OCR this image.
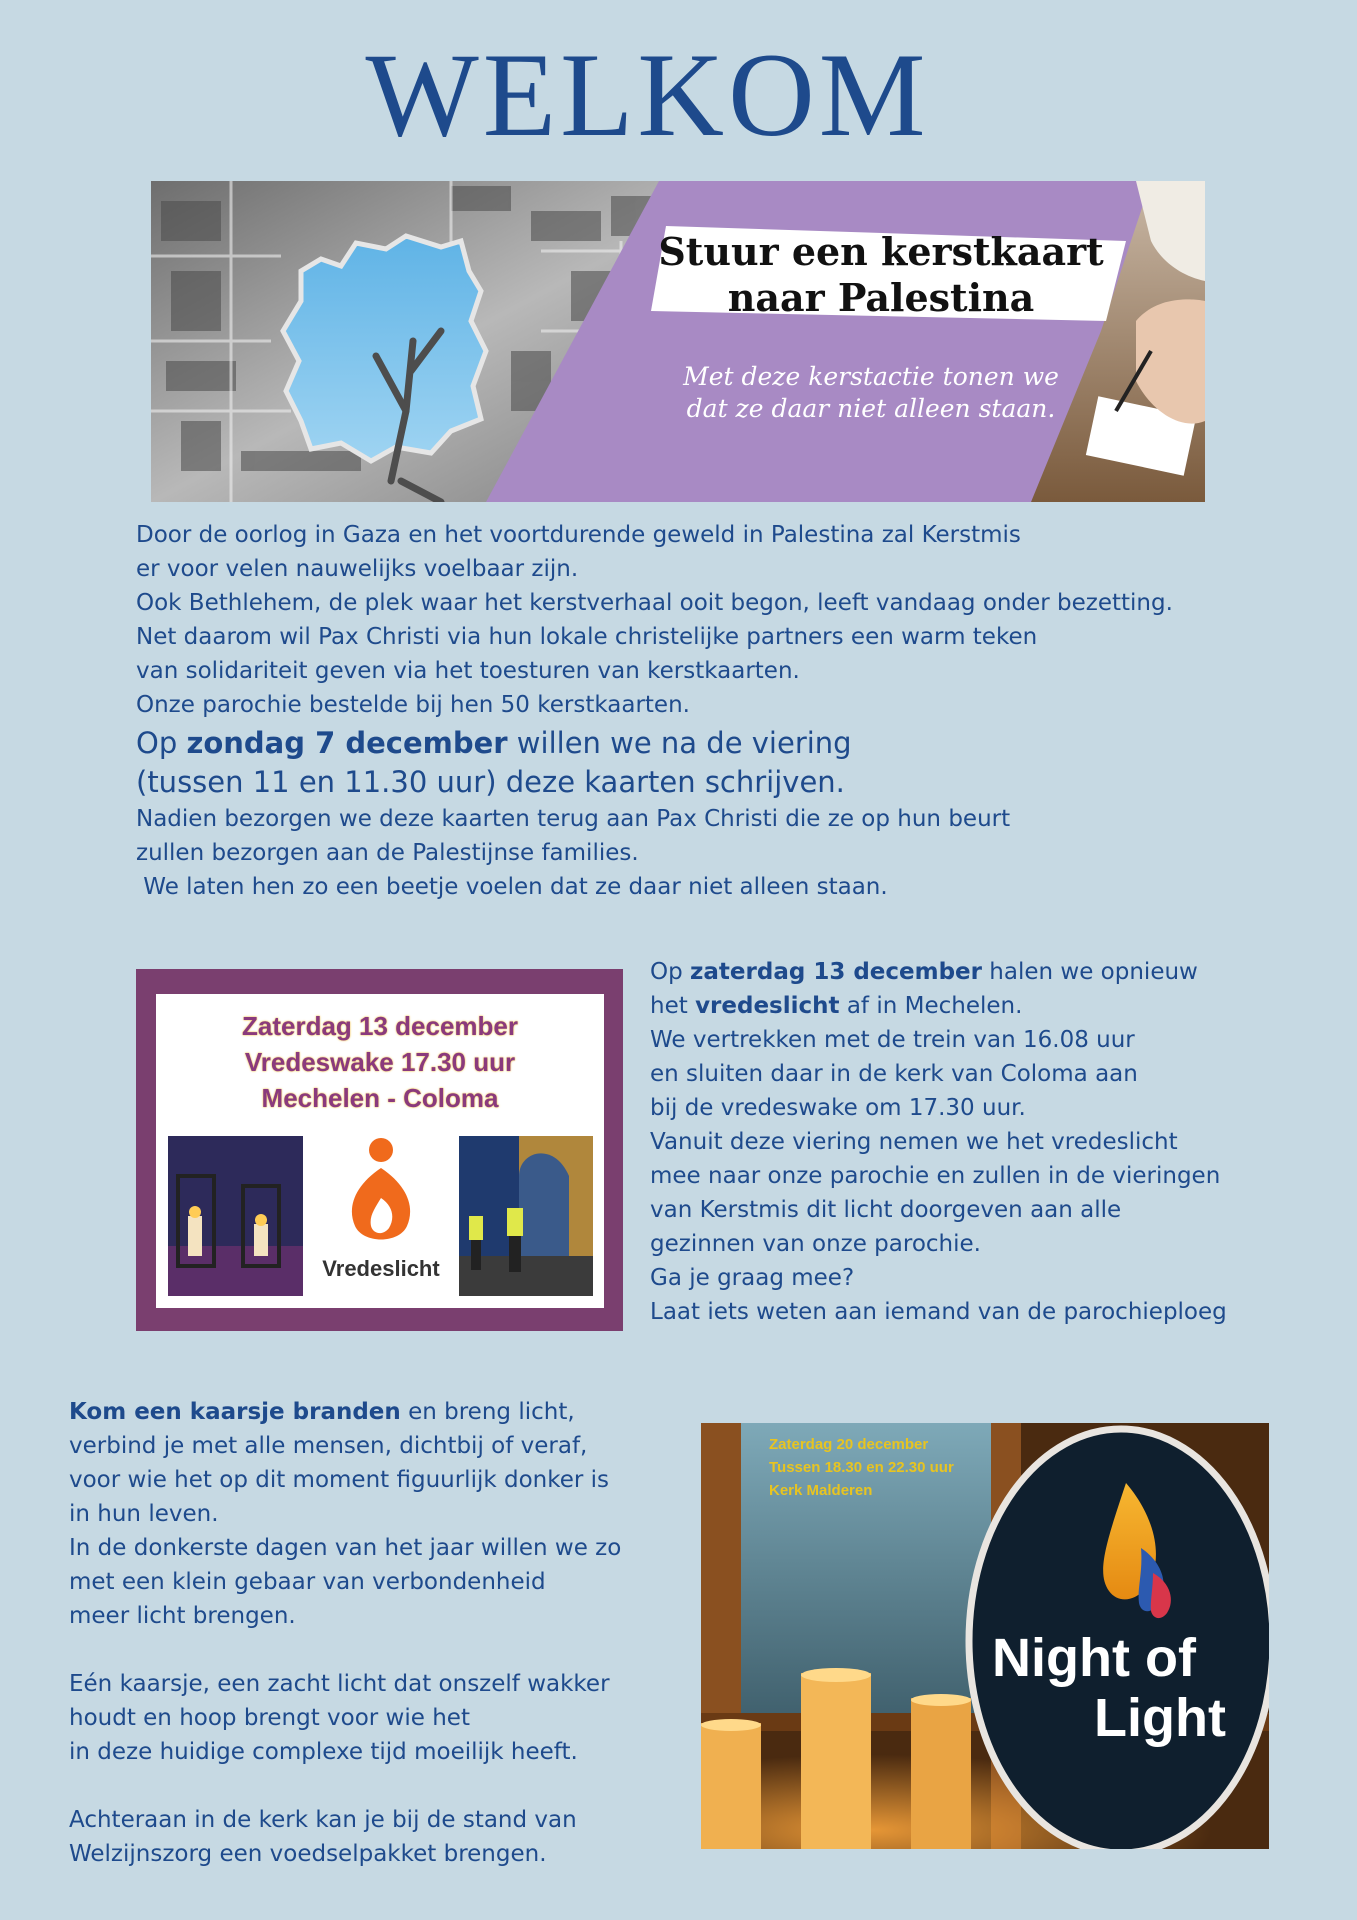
WELKOM
Stuur een kerstkaart
naar Palestina
Met deze kerstactie tonen we
dat ze daar niet alleen staan.

Door de oorlog in Gaza en het voortdurende geweld in Palestina zal Kerstmis

er voor velen nauwelijks voelbaar zijn.

Ook Bethlehem, de plek waar het kerstverhaal ooit begon, leeft vandaag onder bezetting.

Net daarom wil Pax Christi via hun lokale christelijke partners een warm teken

van solidariteit geven via het toesturen van kerstkaarten.

Onze parochie bestelde bij hen 50 kerstkaarten.

Op zondag 7 december willen we na de viering

(tussen 11 en 11.30 uur) deze kaarten schrijven.

Nadien bezorgen we deze kaarten terug aan Pax Christi die ze op hun beurt

zullen bezorgen aan de Palestijnse families.

We laten hen zo een beetje voelen dat ze daar niet alleen staan.

Zaterdag 13 december
Vredeswake 17.30 uur
Mechelen - Coloma
Vredeslicht

Op zaterdag 13 december halen we opnieuw

het vredeslicht af in Mechelen.

We vertrekken met de trein van 16.08 uur

en sluiten daar in de kerk van Coloma aan

bij de vredeswake om 17.30 uur.

Vanuit deze viering nemen we het vredeslicht

mee naar onze parochie en zullen in de vieringen

van Kerstmis dit licht doorgeven aan alle

gezinnen van onze parochie.

Ga je graag mee?

Laat iets weten aan iemand van de parochieploeg

Kom een kaarsje branden en breng licht,

verbind je met alle mensen, dichtbij of veraf,

voor wie het op dit moment figuurlijk donker is

in hun leven.

In de donkerste dagen van het jaar willen we zo

met een klein gebaar van verbondenheid

meer licht brengen.

Eén kaarsje, een zacht licht dat onszelf wakker

houdt en hoop brengt voor wie het

in deze huidige complexe tijd moeilijk heeft.

Achteraan in de kerk kan je bij de stand van

Welzijnszorg een voedselpakket brengen.

Zaterdag 20 december
Tussen 18.30 en 22.30 uur
Kerk Malderen
Night of
Light
